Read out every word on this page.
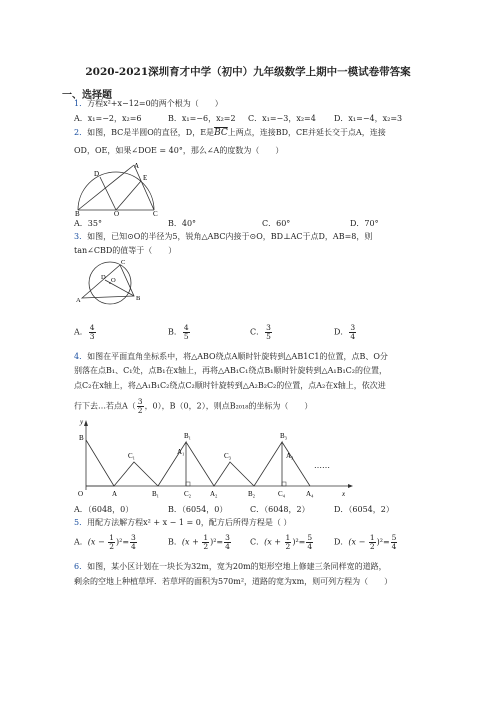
2020-2021深圳育才中学（初中）九年级数学上期中一模试卷带答案
一、选择题
1．方程x²+x−12=0的两个根为（　　）
A．x₁=−2，x₂=6	B．x₁=−6，x₂=2 C．x₁=−3，x₂=4 D．x₁=−4，x₂=3
2．如图，BC是半圆O的直径，D，E是$\overline{BC}$上两点，连接BD，CE并延长交于点A，连接
OD，OE，如果∠DOE = 40°，那么∠A的度数为（　　）
A
D	E
B	O	C
A．35°	B．40°	C．60°	D．70°
3．如图，已知⊙O的半径为5，锐角△ABC内接于⊙O，BD⊥AC于点D，AB=8，则
tan∠CBD的值等于（　　）
C
O
D
A	B
A． $\frac{4}{3}$	B． $\frac{4}{5}$	C． $\frac{3}{5}$	D． $\frac{3}{4}$
4．如图在平面直角坐标系中，将△ABO绕点A顺时针旋转到△AB1C1的位置，点B、O分
别落在点B₁、C₁处，点B₁在x轴上，再将△AB₁C₁绕点B₁顺时针旋转到△A₁B₁C₂的位置，
点C₂在x轴上，将△A₁B₁C₂绕点C₂顺时针旋转到△A₂B₂C₂的位置，点A₂在x轴上，依次进
行下去…若点$A( \frac{3}{2}$ ，0），B（0，2），则点B₂₀₁₈的坐标为（　　）
y
B
C₁
B₁
A₁	C₃
B₃
A₃
O	A	B₁	C₂	A₂	B₂	C₄	A₄	x
……
A．（6048，0）	B．（6054，0）	C．（6048，2）	D．（6054，2）
5．用配方法解方程x² + x − 1 = 0，配方后所得方程是（ ）
A．$(x - \frac{1}{2} )^2= \frac{3}{4}$	B．$(x + \frac{1}{2} )^2= \frac{3}{4}$ C．$(x + \frac{1}{2} )^2= \frac{5}{4}$	D．$(x - \frac{1}{2} )^2= \frac{5}{4}$
6．如图，某小区计划在一块长为32m，宽为20m的矩形空地上修建三条同样宽的道路，
剩余的空地上种植草坪．若草坪的面积为570m²，道路的宽为xm，则可列方程为（　　）
